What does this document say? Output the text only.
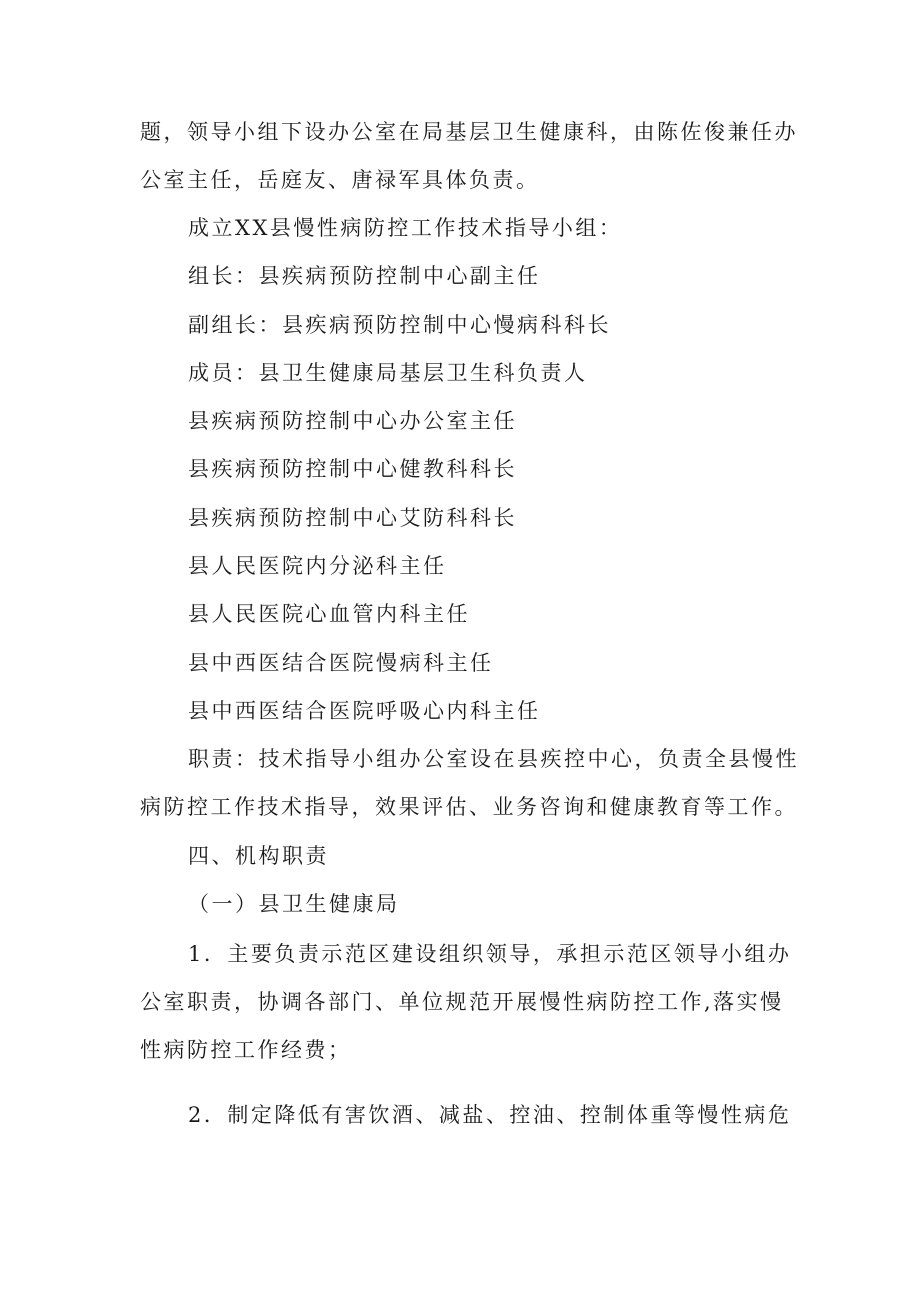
题，领导小组下设办公室在局基层卫生健康科，由陈佐俊兼任办
公室主任，岳庭友、唐禄军具体负责。
成立XX县慢性病防控工作技术指导小组：
组长：县疾病预防控制中心副主任
副组长：县疾病预防控制中心慢病科科长
成员：县卫生健康局基层卫生科负责人
县疾病预防控制中心办公室主任
县疾病预防控制中心健教科科长
县疾病预防控制中心艾防科科长
县人民医院内分泌科主任
县人民医院心血管内科主任
县中西医结合医院慢病科主任
县中西医结合医院呼吸心内科主任
职责：技术指导小组办公室设在县疾控中心，负责全县慢性
病防控工作技术指导，效果评估、业务咨询和健康教育等工作。
四、机构职责
（一）县卫生健康局
1．主要负责示范区建设组织领导，承担示范区领导小组办
公室职责，协调各部门、单位规范开展慢性病防控工作,落实慢
性病防控工作经费；
2．制定降低有害饮酒、减盐、控油、控制体重等慢性病危
